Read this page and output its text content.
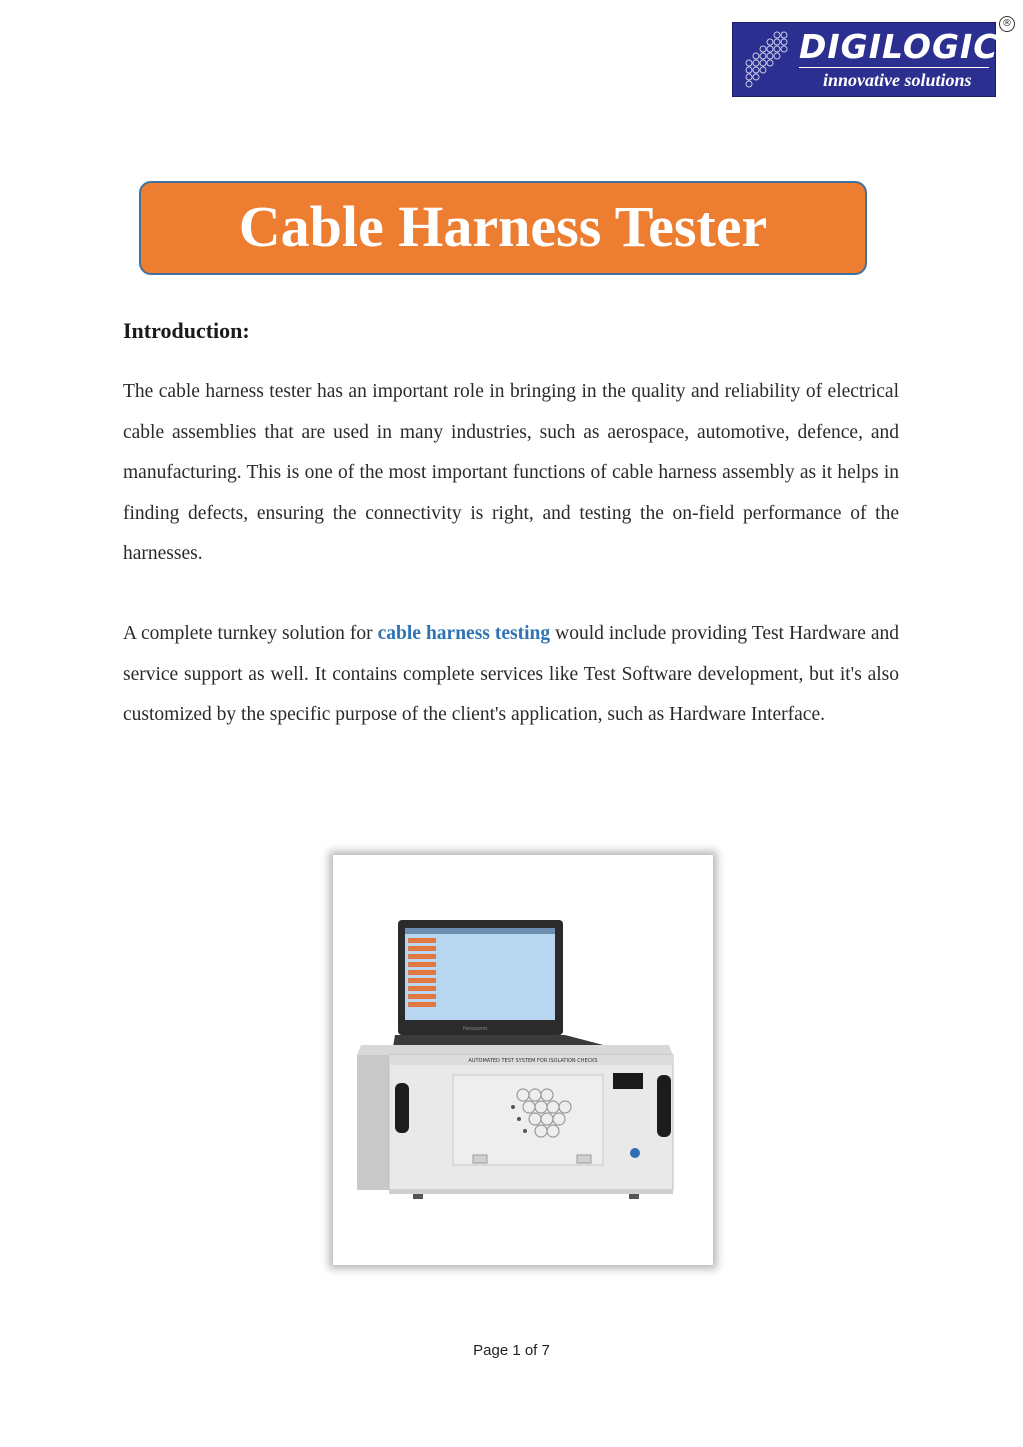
DIGILOGIC
innovative solutions
®
Cable Harness Tester
Introduction:

The cable harness tester has an important role in bringing in the quality and reliability of electrical cable assemblies that are used in many industries, such as aerospace, automotive, defence, and manufacturing. This is one of the most important functions of cable harness assembly as it helps in finding defects, ensuring the connectivity is right, and testing the on-field performance of the harnesses.

A complete turnkey solution for cable harness testing would include providing Test Hardware and service support as well. It contains complete services like Test Software development, but it's also customized by the specific purpose of the client's application, such as Hardware Interface.

Panasonic
AUTOMATED TEST SYSTEM FOR ISOLATION CHECKS
Page 1 of 7
